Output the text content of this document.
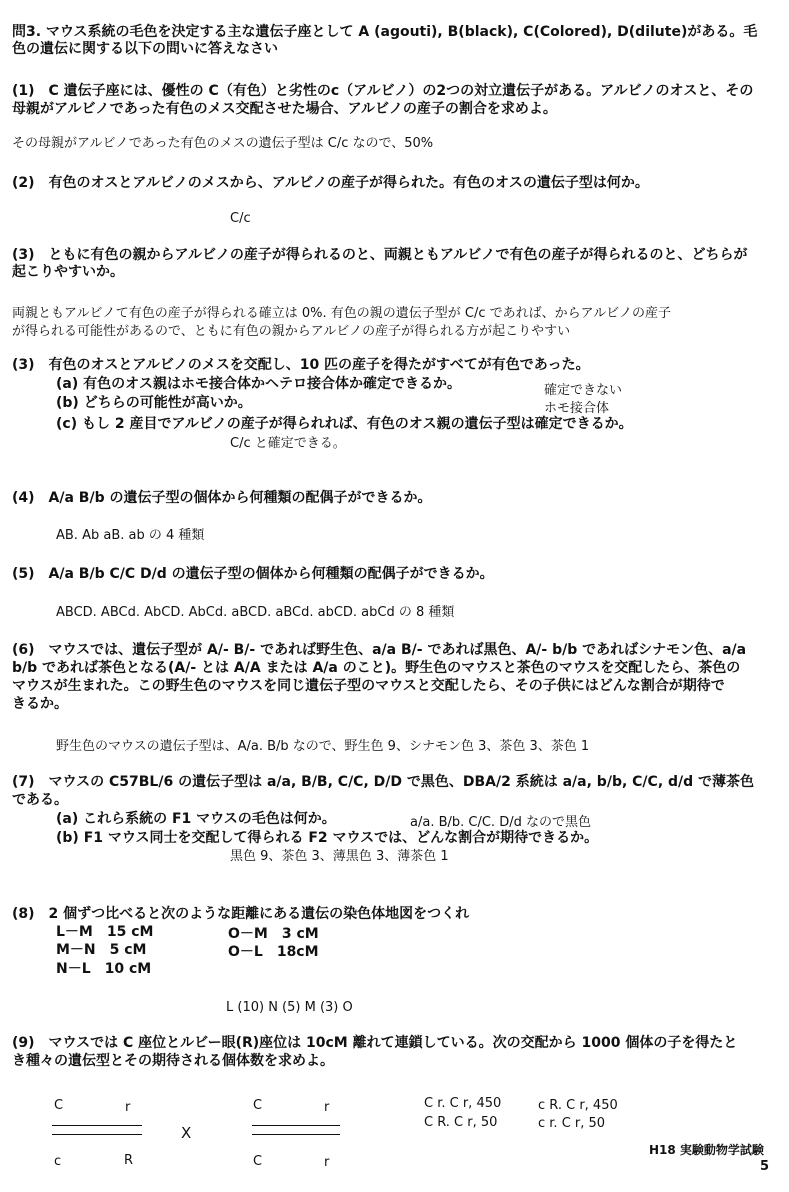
問3. マウス系統の毛色を決定する主な遺伝子座として A (agouti), B(black), C(Colored), D(dilute)がある。毛
色の遺伝に関する以下の問いに答えなさい
(1)　C 遺伝子座には、優性の C（有色）と劣性のc（アルビノ）の2つの対立遺伝子がある。アルビノのオスと、その
母親がアルビノであった有色のメス交配させた場合、アルビノの産子の割合を求めよ。
その母親がアルビノであった有色のメスの遺伝子型は C/c なので、50%
(2)　有色のオスとアルビノのメスから、アルビノの産子が得られた。有色のオスの遺伝子型は何か。
C/c
(3)　ともに有色の親からアルビノの産子が得られるのと、両親ともアルビノで有色の産子が得られるのと、どちらが
起こりやすいか。
両親ともアルビノて有色の産子が得られる確立は 0%. 有色の親の遺伝子型が C/c であれば、からアルビノの産子
が得られる可能性があるので、ともに有色の親からアルビノの産子が得られる方が起こりやすい
(3)　有色のオスとアルビノのメスを交配し、10 匹の産子を得たがすべてが有色であった。
(a) 有色のオス親はホモ接合体かヘテロ接合体か確定できるか。	確定できない
(b) どちらの可能性が高いか。	ホモ接合体
(c) もし 2 産目でアルビノの産子が得られれば、有色のオス親の遺伝子型は確定できるか。
C/c と確定できる。
(4)　A/a B/b の遺伝子型の個体から何種類の配偶子ができるか。
AB. Ab aB. ab の 4 種類
(5)　A/a B/b C/C D/d の遺伝子型の個体から何種類の配偶子ができるか。
ABCD. ABCd. AbCD. AbCd. aBCD. aBCd. abCD. abCd の 8 種類
(6)　マウスでは、遺伝子型が A/- B/- であれば野生色、a/a B/- であれば黒色、A/- b/b であればシナモン色、a/a
b/b であれば茶色となる(A/- とは A/A または A/a のこと)。野生色のマウスと茶色のマウスを交配したら、茶色の
マウスが生まれた。この野生色のマウスを同じ遺伝子型のマウスと交配したら、その子供にはどんな割合が期待で
きるか。
野生色のマウスの遺伝子型は、A/a. B/b なので、野生色 9、シナモン色 3、茶色 3、茶色 1
(7)　マウスの C57BL/6 の遺伝子型は a/a, B/B, C/C, D/D で黒色、DBA/2 系統は a/a, b/b, C/C, d/d で薄茶色
である。
(a) これら系統の F1 マウスの毛色は何か。	a/a. B/b. C/C. D/d なので黒色
(b) F1 マウス同士を交配して得られる F2 マウスでは、どんな割合が期待できるか。
黒色 9、茶色 3、薄黒色 3、薄茶色 1
(8)　2 個ずつ比べると次のような距離にある遺伝の染色体地図をつくれ
L－M　15 cM
M－N　5 cM
N－L　10 cM
O－M　3 cM
O－L　18cM
L (10) N (5) M (3) O
(9)　マウスでは C 座位とルビー眼(R)座位は 10cM 離れて連鎖している。次の交配から 1000 個体の子を得たと
き種々の遺伝型とその期待される個体数を求めよ。
C	r
c	R
X
C	r
C	r
C r. C r, 450	c R. C r, 450
C R. C r, 50	c r. C r, 50
H18 実験動物学試験
5
